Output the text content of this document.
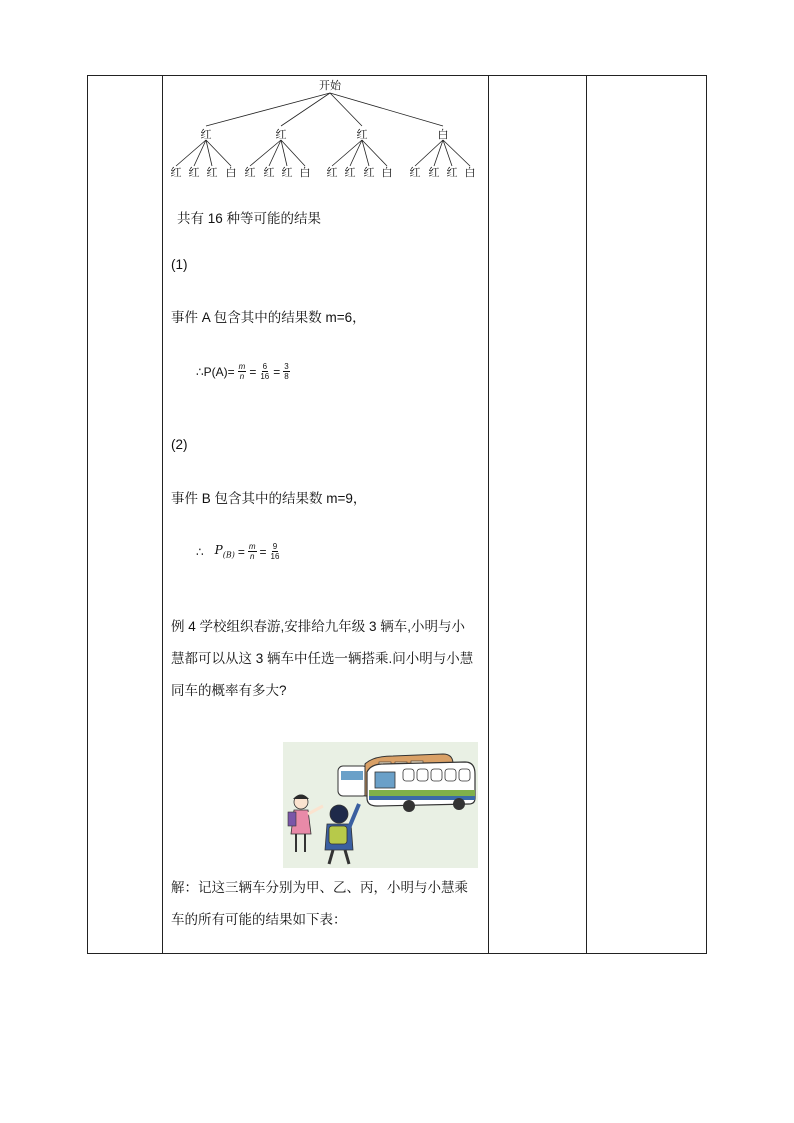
开始
红	红	红	白
红 红 红 白 红 红 红 白 红 红 红 白 红 红 红 白
共有 16 种等可能的结果
(1)
事件 A 包含其中的结果数 m=6，
∴P(A)= $\frac{m}{n} = \frac{6}{16} = \frac{3}{8}$
(2)
事件 B 包含其中的结果数 m=9，
∴ $P_{(B)} = \frac{m}{n} = \frac{9}{16}$
例 4 学校组织春游,安排给九年级 3 辆车,小明与小
慧都可以从这 3 辆车中任选一辆搭乘.问小明与小慧
同车的概率有多大?
解：记这三辆车分别为甲、乙、丙，小明与小慧乘
车的所有可能的结果如下表：
